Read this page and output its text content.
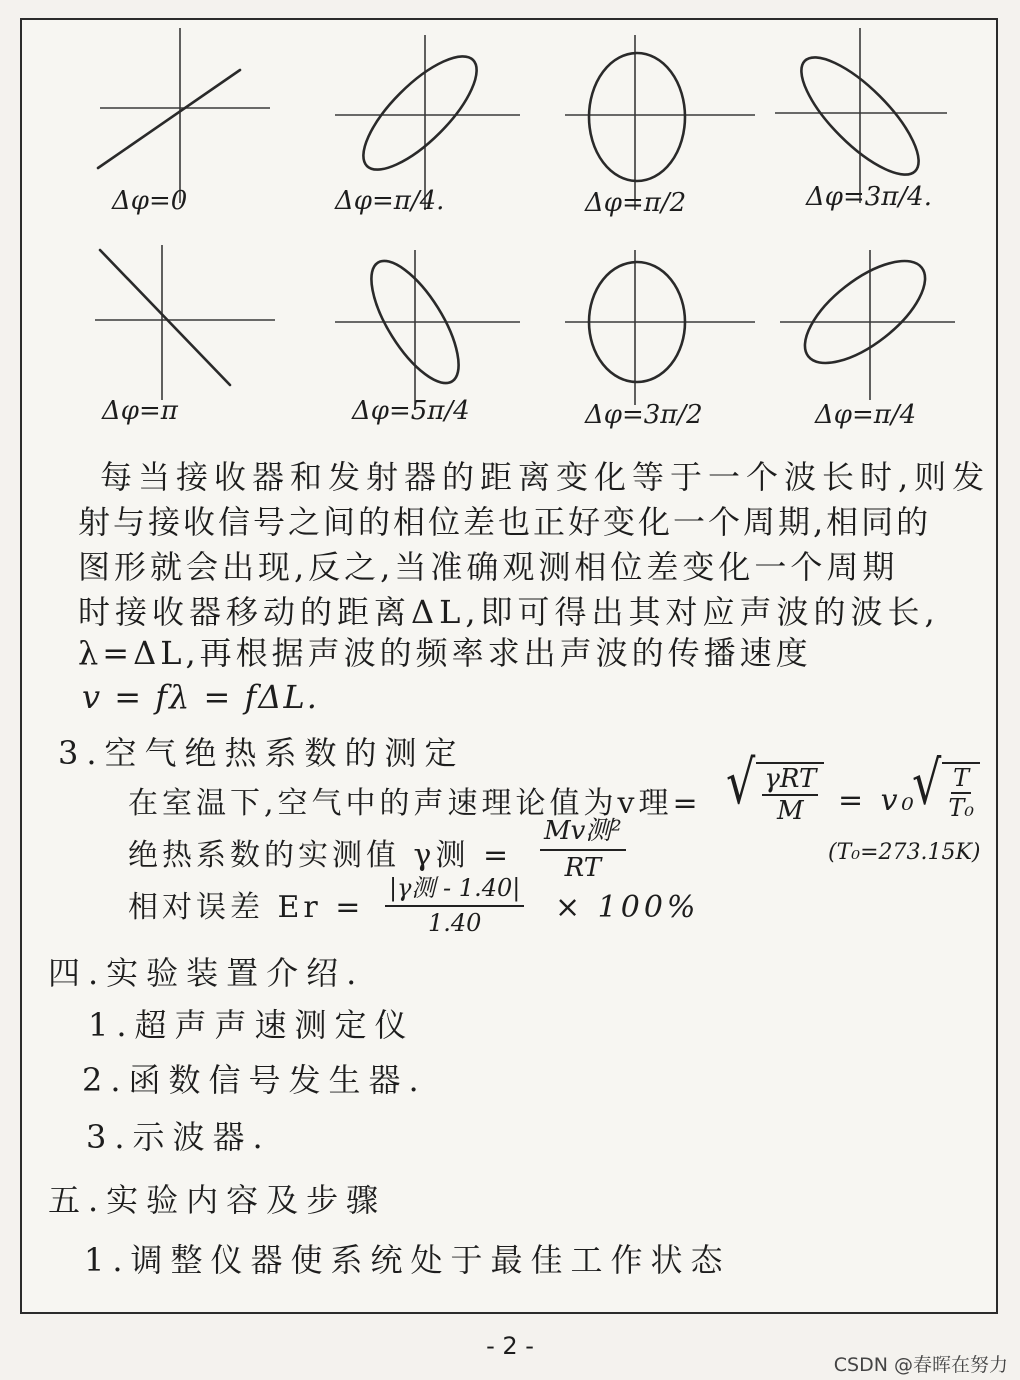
Δφ=0	Δφ=π/4.	Δφ=π/2	Δφ=3π/4.
Δφ=π	Δφ=5π/4	Δφ=3π/2	Δφ=π/4
每当接收器和发射器的距离变化等于一个波长时,则发
射与接收信号之间的相位差也正好变化一个周期,相同的
图形就会出现,反之,当准确观测相位差变化一个周期
时接收器移动的距离ΔL,即可得出其对应声波的波长,
λ=ΔL,再根据声波的频率求出声波的传播速度
v = fλ = fΔL.
3.空气绝热系数的测定
在室温下,空气中的声速理论值为v理= √ γRT
M = v₀
√ $\frac{T}{\text{T₀}}$
(T₀=273.15K)
绝热系数的实测值 γ测 =
Mv测²
RT
相对误差 Er =
|γ测 - 1.40|
1.40 × 100%
四.实验装置介绍.
1.超声声速测定仪
2.函数信号发生器.
3.示波器.
五.实验内容及步骤
1.调整仪器使系统处于最佳工作状态
- 2 -
CSDN @春晖在努力
